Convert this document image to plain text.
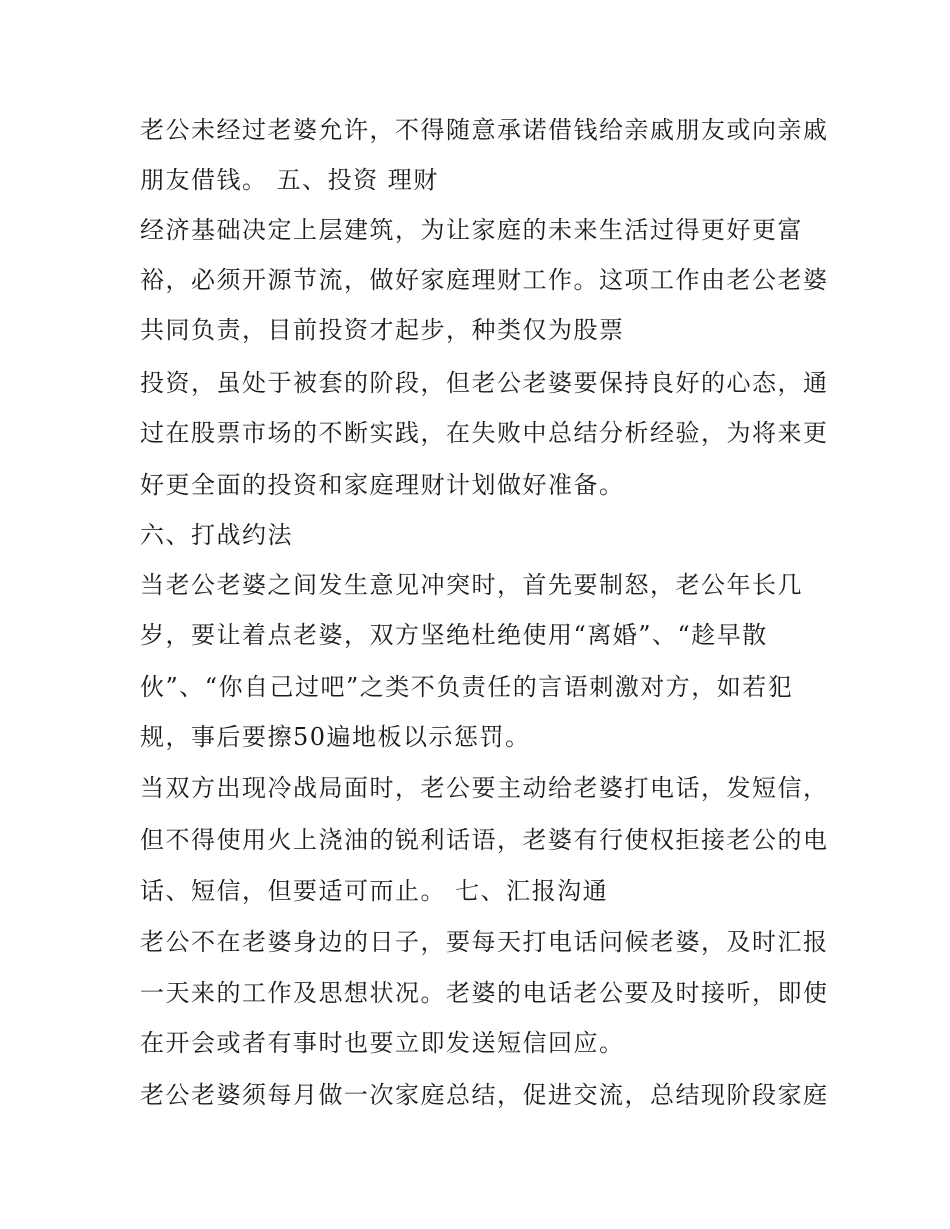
老公未经过老婆允许，不得随意承诺借钱给亲戚朋友或向亲戚
朋友借钱。 五、投资 理财
经济基础决定上层建筑，为让家庭的未来生活过得更好更富
裕，必须开源节流，做好家庭理财工作。这项工作由老公老婆
共同负责，目前投资才起步，种类仅为股票
投资，虽处于被套的阶段，但老公老婆要保持良好的心态，通
过在股票市场的不断实践，在失败中总结分析经验，为将来更
好更全面的投资和家庭理财计划做好准备。
六、打战约法
当老公老婆之间发生意见冲突时，首先要制怒，老公年长几
岁，要让着点老婆，双方坚绝杜绝使用“离婚”、“趁早散
伙”、“你自己过吧”之类不负责任的言语刺激对方，如若犯
规，事后要擦50遍地板以示惩罚。
当双方出现冷战局面时，老公要主动给老婆打电话，发短信，
但不得使用火上浇油的锐利话语，老婆有行使权拒接老公的电
话、短信，但要适可而止。 七、汇报沟通
老公不在老婆身边的日子，要每天打电话问候老婆，及时汇报
一天来的工作及思想状况。老婆的电话老公要及时接听，即使
在开会或者有事时也要立即发送短信回应。
老公老婆须每月做一次家庭总结，促进交流，总结现阶段家庭
